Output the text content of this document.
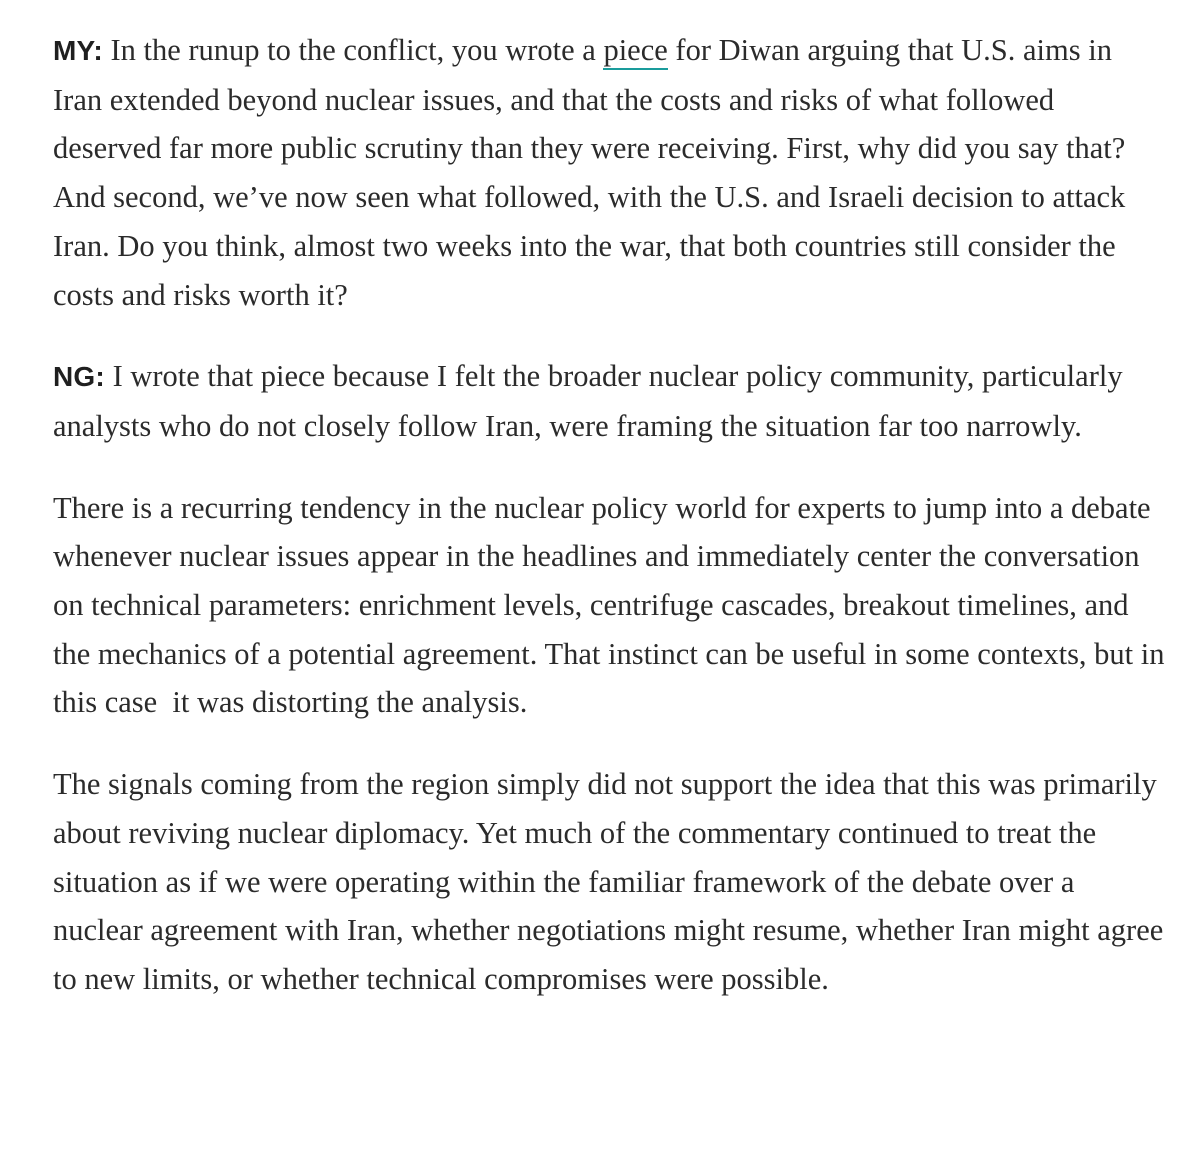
MY: In the runup to the conflict, you wrote a piece for Diwan arguing that U.S. aims in Iran extended beyond nuclear issues, and that the costs and risks of what followed deserved far more public scrutiny than they were receiving. First, why did you say that? And second, we’ve now seen what followed, with the U.S. and Israeli decision to attack Iran. Do you think, almost two weeks into the war, that both countries still consider the costs and risks worth it?

NG: I wrote that piece because I felt the broader nuclear policy community, particularly analysts who do not closely follow Iran, were framing the situation far too narrowly.

There is a recurring tendency in the nuclear policy world for experts to jump into a debate whenever nuclear issues appear in the headlines and immediately center the conversation on technical parameters: enrichment levels, centrifuge cascades, breakout timelines, and the mechanics of a potential agreement. That instinct can be useful in some contexts, but in this case  it was distorting the analysis.

The signals coming from the region simply did not support the idea that this was primarily about reviving nuclear diplomacy. Yet much of the commentary continued to treat the situation as if we were operating within the familiar framework of the debate over a nuclear agreement with Iran, whether negotiations might resume, whether Iran might agree to new limits, or whether technical compromises were possible.
